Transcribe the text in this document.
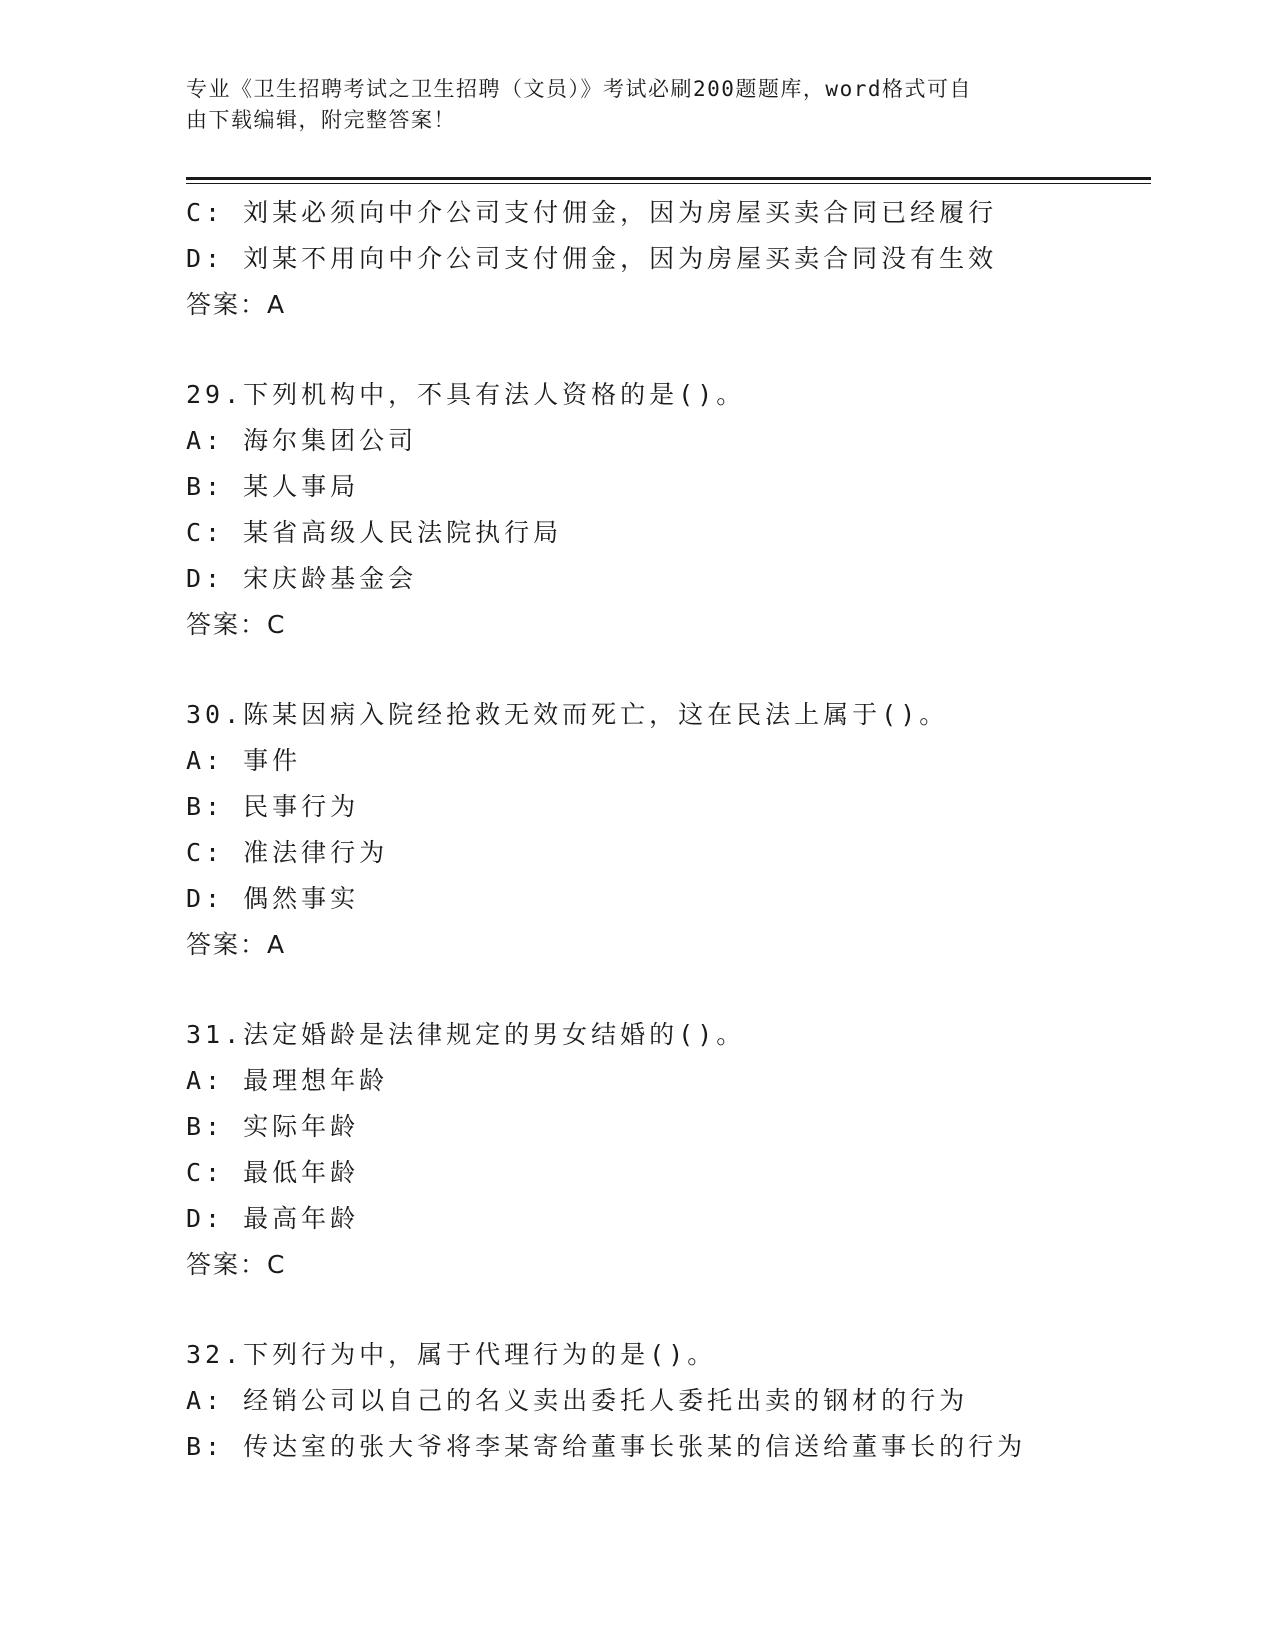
专业《卫生招聘考试之卫生招聘（文员）》考试必刷200题题库，word格式可自
由下载编辑，附完整答案！
C: 刘某必须向中介公司支付佣金，因为房屋买卖合同已经履行
D: 刘某不用向中介公司支付佣金，因为房屋买卖合同没有生效
答案：A
29.下列机构中，不具有法人资格的是()。
A: 海尔集团公司
B: 某人事局
C: 某省高级人民法院执行局
D: 宋庆龄基金会
答案：C
30.陈某因病入院经抢救无效而死亡，这在民法上属于()。
A: 事件
B: 民事行为
C: 准法律行为
D: 偶然事实
答案：A
31.法定婚龄是法律规定的男女结婚的()。
A: 最理想年龄
B: 实际年龄
C: 最低年龄
D: 最高年龄
答案：C
32.下列行为中，属于代理行为的是()。
A: 经销公司以自己的名义卖出委托人委托出卖的钢材的行为
B: 传达室的张大爷将李某寄给董事长张某的信送给董事长的行为
